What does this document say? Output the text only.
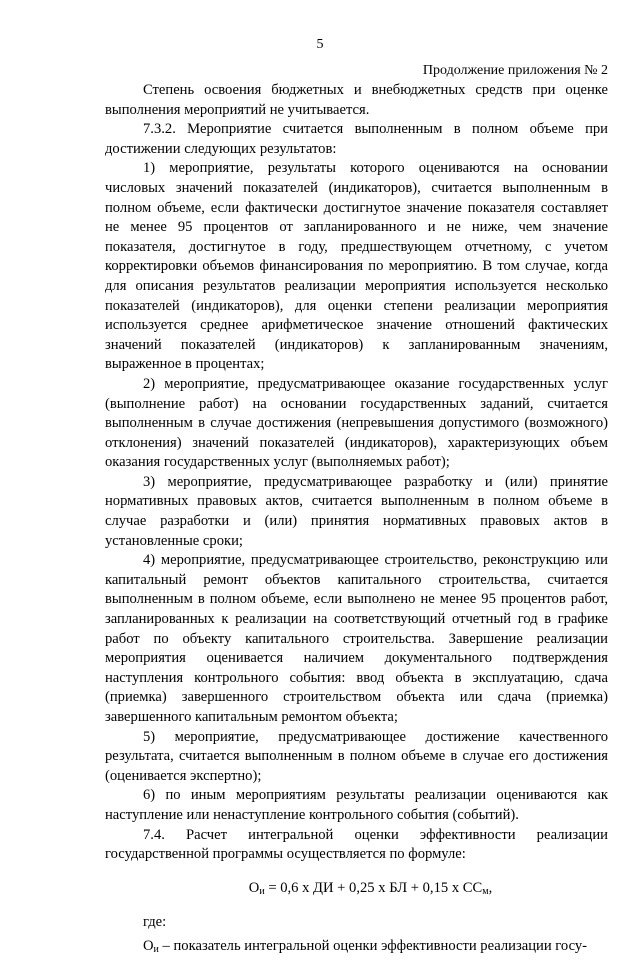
5
Продолжение приложения № 2

Степень освоения бюджетных и внебюджетных средств при оценке выполнения мероприятий не учитывается.

7.3.2. Мероприятие считается выполненным в полном объеме при достижении следующих результатов:

1) мероприятие, результаты которого оцениваются на основании числовых значений показателей (индикаторов), считается выполненным в полном объеме, если фактически достигнутое значение показателя составляет не менее 95 процентов от запланированного и не ниже, чем значение показателя, достигнутое в году, предшествующем отчетному, с учетом корректировки объемов финансирования по мероприятию. В том случае, когда для описания результатов реализации мероприятия используется несколько показателей (индикаторов), для оценки степени реализации мероприятия используется среднее арифметическое значение отношений фактических значений показателей (индикаторов) к запланированным значениям, выраженное в процентах;

2) мероприятие, предусматривающее оказание государственных услуг (выполнение работ) на основании государственных заданий, считается выполненным в случае достижения (непревышения допустимого (возможного) отклонения) значений показателей (индикаторов), характеризующих объем оказания государственных услуг (выполняемых работ);

3) мероприятие, предусматривающее разработку и (или) принятие нормативных правовых актов, считается выполненным в полном объеме в случае разработки и (или) принятия нормативных правовых актов в установленные сроки;

4) мероприятие, предусматривающее строительство, реконструкцию или капитальный ремонт объектов капитального строительства, считается выполненным в полном объеме, если выполнено не менее 95 процентов работ, запланированных к реализации на соответствующий отчетный год в графике работ по объекту капитального строительства. Завершение реализации мероприятия оценивается наличием документального подтверждения наступления контрольного события: ввод объекта в эксплуатацию, сдача (приемка) завершенного строительством объекта или сдача (приемка) завершенного капитальным ремонтом объекта;

5) мероприятие, предусматривающее достижение качественного результата, считается выполненным в полном объеме в случае его достижения (оценивается экспертно);

6) по иным мероприятиям результаты реализации оцениваются как наступление или ненаступление контрольного события (событий).

7.4. Расчет интегральной оценки эффективности реализации государственной программы осуществляется по формуле:

$О_и = 0,6$ х ДИ + 0,25 х БЛ + 0,15 х $СС_м$,

где:

$О_и$ – показатель интегральной оценки эффективности реализации госу-
